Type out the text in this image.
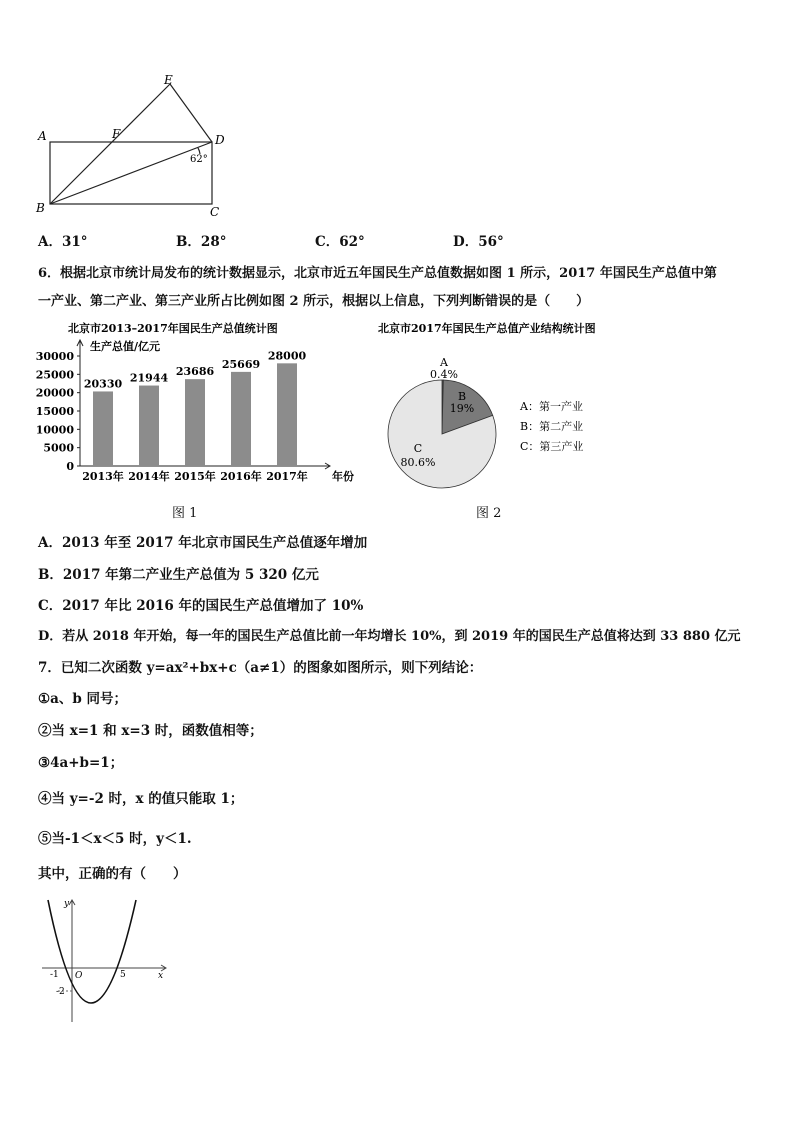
E
A	F	D
62°
B	C
A．31°	B．28°	C．62°	D．56°
6．根据北京市统计局发布的统计数据显示，北京市近五年国民生产总值数据如图 1 所示，2017 年国民生产总值中第
一产业、第二产业、第三产业所占比例如图 2 所示，根据以上信息，下列判断错误的是（　　）
北京市2013–2017年国民生产总值统计图
生产总值/亿元
年份
0
5000
10000
15000
20000
25000
30000
20330
2013年
21944
2014年
23686
2015年
25669
2016年
28000
2017年
北京市2017年国民生产总值产业结构统计图
A
0.4%
B
19%
C
80.6%
A：第一产业
B：第二产业
C：第三产业
图 1	图 2
A．2013 年至 2017 年北京市国民生产总值逐年增加
B．2017 年第二产业生产总值为 5 320 亿元
C．2017 年比 2016 年的国民生产总值增加了 10%
D．若从 2018 年开始，每一年的国民生产总值比前一年均增长 10%，到 2019 年的国民生产总值将达到 33 880 亿元
7．已知二次函数 y=ax²+bx+c（a≠1）的图象如图所示，则下列结论：
①a、b 同号；
②当 x=1 和 x=3 时，函数值相等；
③4a+b=1；
④当 y=-2 时，x 的值只能取 1；
⑤当-1＜x＜5 时，y＜1.
其中，正确的有（　　）
y
x
O
-1	5
-2
